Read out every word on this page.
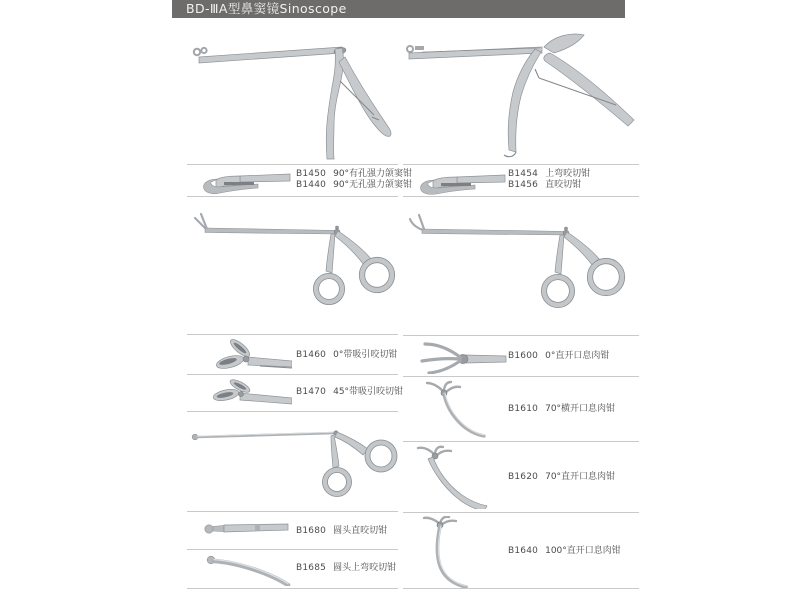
BD-ⅢA型鼻窦镜Sinoscope
B1450 90°有孔强力颌窦钳
B1440 90°无孔强力颌窦钳
B1460 0°带吸引咬切钳
B1470 45°带吸引咬切钳
B1680 圆头直咬切钳
B1685 圆头上弯咬切钳
B1454 上弯咬切钳
B1456 直咬切钳
B1600 0°直开口息肉钳
B1610 70°横开口息肉钳
B1620 70°直开口息肉钳
B1640 100°直开口息肉钳
